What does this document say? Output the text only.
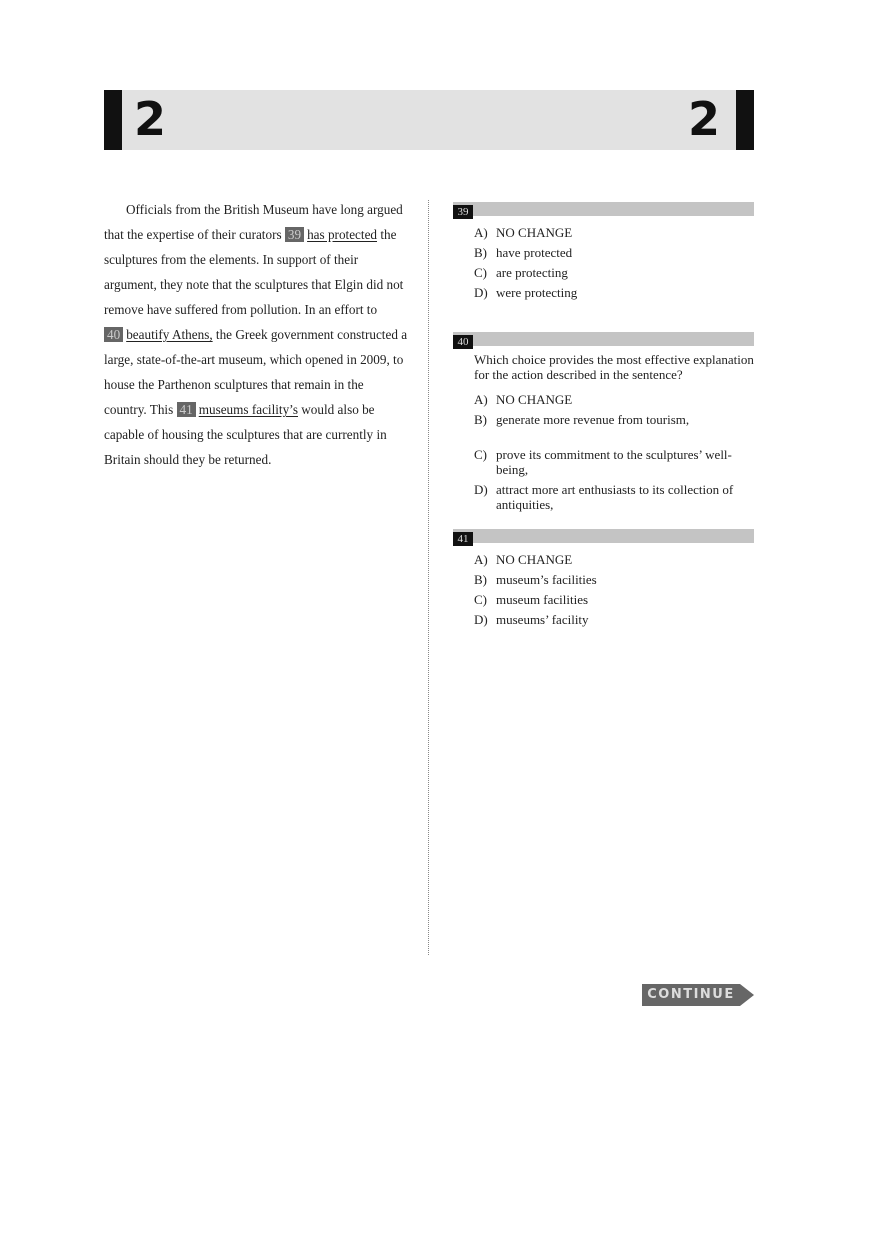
2	2
Officials from the British Museum have long argued
that the expertise of their curators 39 has protected the
sculptures from the elements. In support of their
argument, they note that the sculptures that Elgin did not
remove have suffered from pollution. In an effort to
40 beautify Athens, the Greek government constructed a
large, state-of-the-art museum, which opened in 2009, to
house the Parthenon sculptures that remain in the
country. This 41 museums facility’s would also be
capable of housing the sculptures that are currently in
Britain should they be returned.
39
A) NO CHANGE
B) have protected
C) are protecting
D) were protecting
40
Which choice provides the most effective explanation for the action described in the sentence?
A) NO CHANGE
B) generate more revenue from tourism,
C) prove its commitment to the sculptures’ well-being,
D) attract more art enthusiasts to its collection of antiquities,
41
A) NO CHANGE
B) museum’s facilities
C) museum facilities
D) museums’ facility
CONTINUE
